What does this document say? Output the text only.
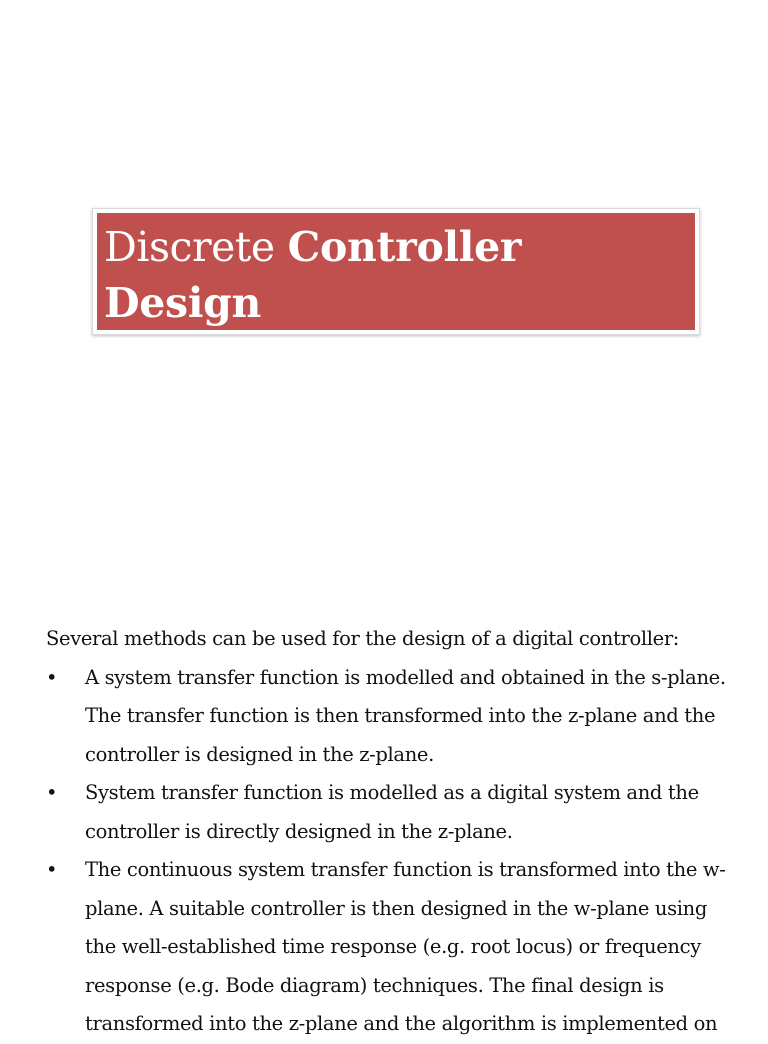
Discrete Controller Design

Several methods can be used for the design of a digital controller:

•	A system transfer function is modelled and obtained in the s-plane.
The transfer function is then transformed into the z-plane and the
controller is designed in the z-plane.
•	System transfer function is modelled as a digital system and the
controller is directly designed in the z-plane.
•	The continuous system transfer function is transformed into the w-
plane. A suitable controller is then designed in the w-plane using
the well-established time response (e.g. root locus) or frequency
response (e.g. Bode diagram) techniques. The final design is
transformed into the z-plane and the algorithm is implemented on
